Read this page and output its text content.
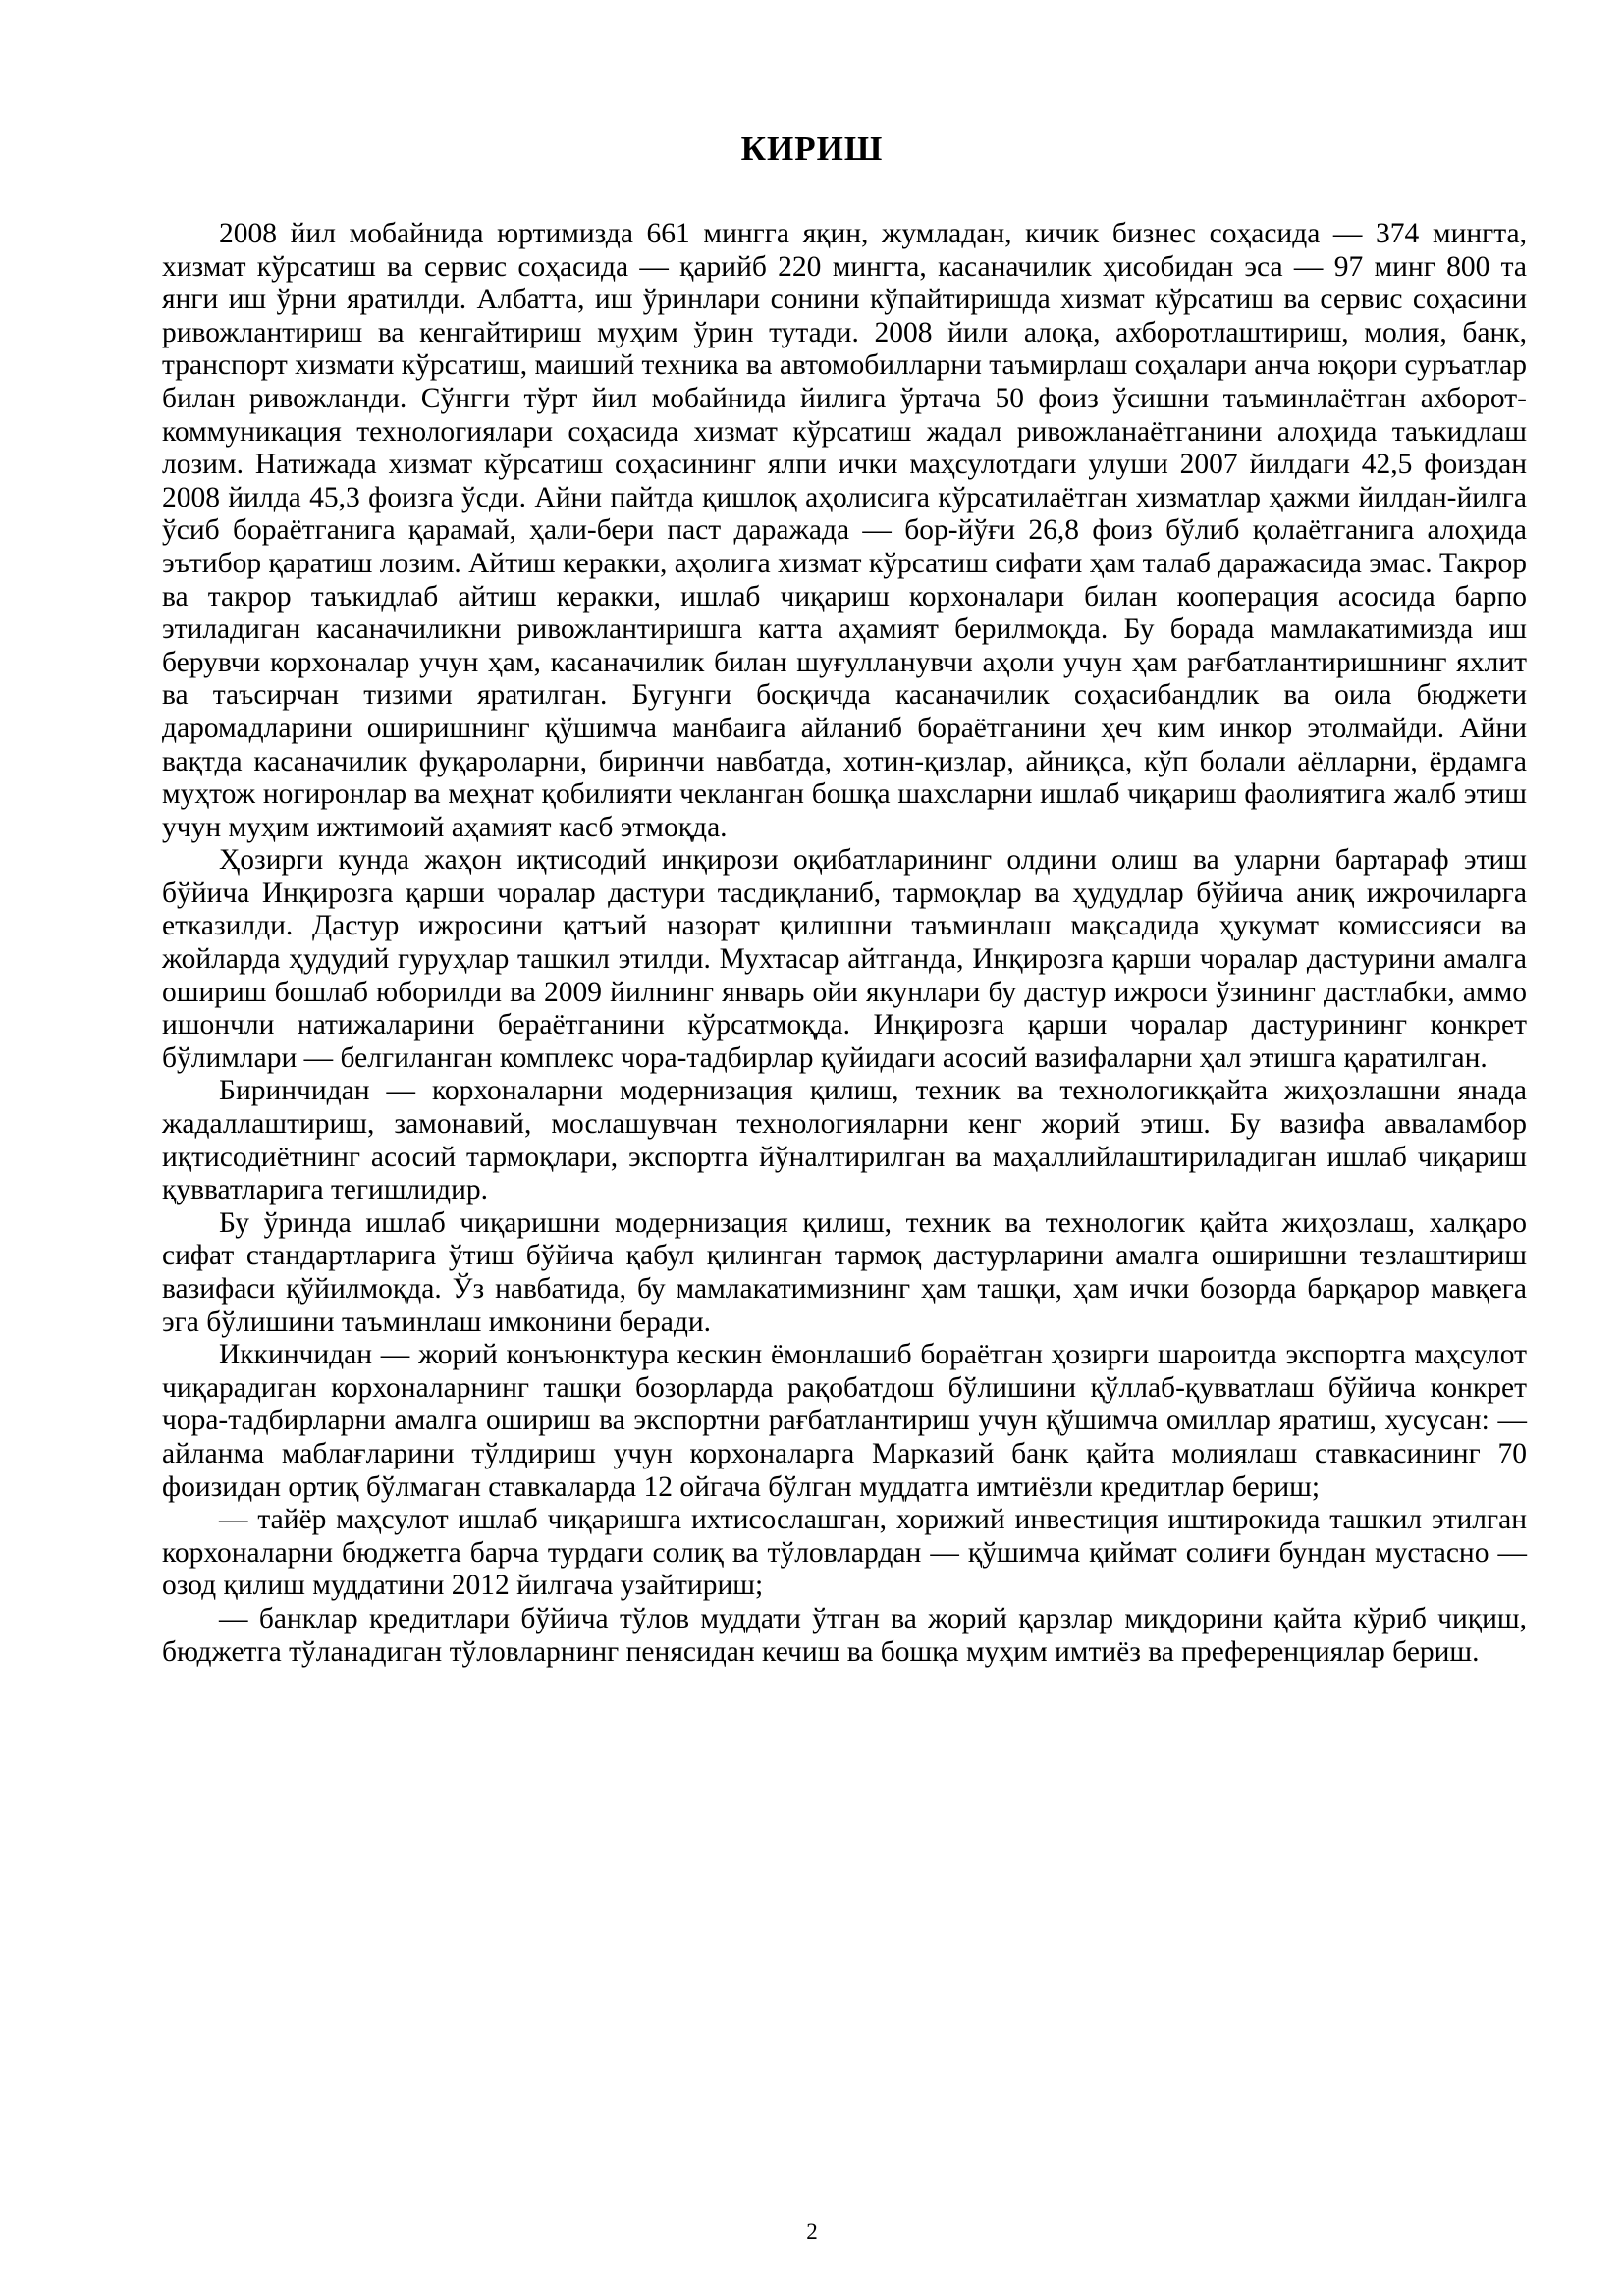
КИРИШ

2008 йил мобайнида юртимизда 661 мингга яқин, жумладан, кичик бизнес соҳасида — 374 мингта, хизмат кўрсатиш ва сервис соҳасида — қарийб 220 мингта, касаначилик ҳисобидан эса — 97 минг 800 та янги иш ўрни яратилди. Албатта, иш ўринлари сонини кўпайтиришда хизмат кўрсатиш ва сервис соҳасини ривожлантириш ва кенгайтириш муҳим ўрин тутади. 2008 йили алоқа, ахборотлаштириш, молия, банк, транспорт хизмати кўрсатиш, маиший техника ва автомобилларни таъмирлаш соҳалари анча юқори суръатлар билан ривожланди. Сўнгги тўрт йил мобайнида йилига ўртача 50 фоиз ўсишни таъминлаётган ахборот-коммуникация технологиялари соҳасида хизмат кўрсатиш жадал ривожланаётганини алоҳида таъкидлаш лозим. Натижада хизмат кўрсатиш соҳасининг ялпи ички маҳсулотдаги улуши 2007 йилдаги 42,5 фоиздан 2008 йилда 45,3 фоизга ўсди. Айни пайтда қишлоқ аҳолисига кўрсатилаётган хизматлар ҳажми йилдан-йилга ўсиб бораётганига қарамай, ҳали-бери паст даражада — бор-йўғи 26,8 фоиз бўлиб қолаётганига алоҳида эътибор қаратиш лозим. Айтиш керакки, аҳолига хизмат кўрсатиш сифати ҳам талаб даражасида эмас. Такрор ва такрор таъкидлаб айтиш керакки, ишлаб чиқариш корхоналари билан кооперация асосида барпо этиладиган касаначиликни ривожлантиришга катта аҳамият берилмоқда. Бу борада мамлакатимизда иш берувчи корхоналар учун ҳам, касаначилик билан шуғулланувчи аҳоли учун ҳам рағбатлантиришнинг яхлит ва таъсирчан тизими яратилган. Бугунги босқичда касаначилик соҳасибандлик ва оила бюджети даромадларини оширишнинг қўшимча манбаига айланиб бораётганини ҳеч ким инкор этолмайди. Айни вақтда касаначилик фуқароларни, биринчи навбатда, хотин-қизлар, айниқса, кўп болали аёлларни, ёрдамга муҳтож ногиронлар ва меҳнат қобилияти чекланган бошқа шахсларни ишлаб чиқариш фаолиятига жалб этиш учун муҳим ижтимоий аҳамият касб этмоқда.

Ҳозирги кунда жаҳон иқтисодий инқирози оқибатларининг олдини олиш ва уларни бартараф этиш бўйича Инқирозга қарши чоралар дастури тасдиқланиб, тармоқлар ва ҳудудлар бўйича аниқ ижрочиларга етказилди. Дастур ижросини қатъий назорат қилишни таъминлаш мақсадида ҳукумат комиссияси ва жойларда ҳудудий гуруҳлар ташкил этилди. Мухтасар айтганда, Инқирозга қарши чоралар дастурини амалга ошириш бошлаб юборилди ва 2009 йилнинг январь ойи якунлари бу дастур ижроси ўзининг дастлабки, аммо ишончли натижаларини бераётганини кўрсатмоқда. Инқирозга қарши чоралар дастурининг конкрет бўлимлари — белгиланган комплекс чора-тадбирлар қуйидаги асосий вазифаларни ҳал этишга қаратилган.

Биринчидан — корхоналарни модернизация қилиш, техник ва технологикқайта жиҳозлашни янада жадаллаштириш, замонавий, мослашувчан технологияларни кенг жорий этиш. Бу вазифа авваламбор иқтисодиётнинг асосий тармоқлари, экспортга йўналтирилган ва маҳаллийлаштириладиган ишлаб чиқариш қувватларига тегишлидир.

Бу ўринда ишлаб чиқаришни модернизация қилиш, техник ва технологик қайта жиҳозлаш, халқаро сифат стандартларига ўтиш бўйича қабул қилинган тармоқ дастурларини амалга оширишни тезлаштириш вазифаси қўйилмоқда. Ўз навбатида, бу мамлакатимизнинг ҳам ташқи, ҳам ички бозорда барқарор мавқега эга бўлишини таъминлаш имконини беради.

Иккинчидан — жорий конъюнктура кескин ёмонлашиб бораётган ҳозирги шароитда экспортга маҳсулот чиқарадиган корхоналарнинг ташқи бозорларда рақобатдош бўлишини қўллаб-қувватлаш бўйича конкрет чора-тадбирларни амалга ошириш ва экспортни рағбатлантириш учун қўшимча омиллар яратиш, хусусан: — айланма маблағларини тўлдириш учун корхоналарга Марказий банк қайта молиялаш ставкасининг 70 фоизидан ортиқ бўлмаган ставкаларда 12 ойгача бўлган муддатга имтиёзли кредитлар бериш;

— тайёр маҳсулот ишлаб чиқаришга ихтисослашган, хорижий инвестиция иштирокида ташкил этилган корхоналарни бюджетга барча турдаги солиқ ва тўловлардан — қўшимча қиймат солиғи бундан мустасно — озод қилиш муддатини 2012 йилгача узайтириш;

— банклар кредитлари бўйича тўлов муддати ўтган ва жорий қарзлар миқдорини қайта кўриб чиқиш, бюджетга тўланадиган тўловларнинг пенясидан кечиш ва бошқа муҳим имтиёз ва преференциялар бериш.

2
